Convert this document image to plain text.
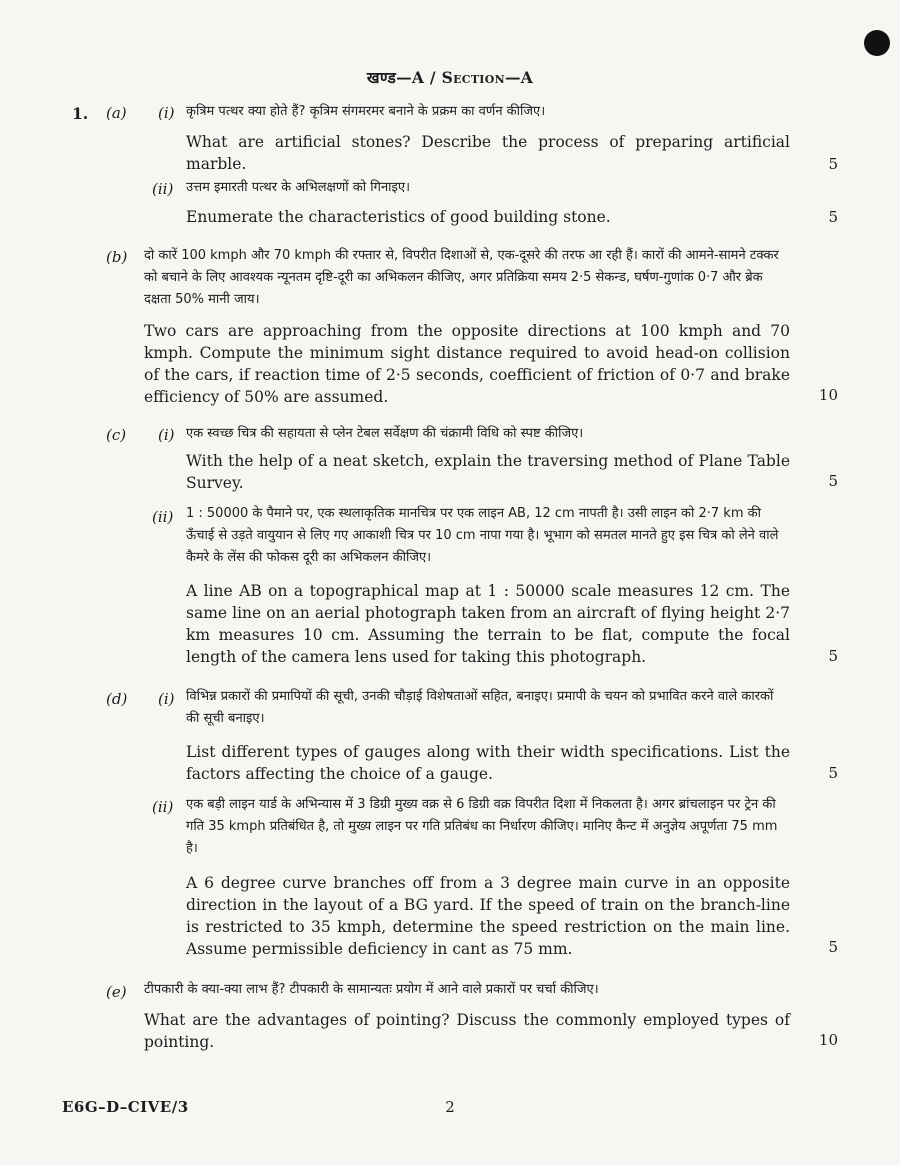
खण्ड—A / Section—A
1. (a) (i) कृत्रिम पत्थर क्या होते हैं? कृत्रिम संगमरमर बनाने के प्रक्रम का वर्णन कीजिए।
What are artificial stones? Describe the process of preparing artificial marble.	5
(ii) उत्तम इमारती पत्थर के अभिलक्षणों को गिनाइए।
Enumerate the characteristics of good building stone.	5
(b) दो कारें 100 kmph और 70 kmph की रफ्तार से, विपरीत दिशाओं से, एक-दूसरे की तरफ आ रही हैं। कारों की आमने-सामने टक्कर को बचाने के लिए आवश्यक न्यूनतम दृष्टि-दूरी का अभिकलन कीजिए, अगर प्रतिक्रिया समय 2·5 सेकन्ड, घर्षण-गुणांक 0·7 और ब्रेक दक्षता 50% मानी जाय।
Two cars are approaching from the opposite directions at 100 kmph and 70 kmph. Compute the minimum sight distance required to avoid head-on collision of the cars, if reaction time of 2·5 seconds, coefficient of friction of 0·7 and brake efficiency of 50% are assumed.	10
(c) (i) एक स्वच्छ चित्र की सहायता से प्लेन टेबल सर्वेक्षण की चंक्रामी विधि को स्पष्ट कीजिए।
With the help of a neat sketch, explain the traversing method of Plane Table Survey.	5
(ii) 1 : 50000 के पैमाने पर, एक स्थलाकृतिक मानचित्र पर एक लाइन AB, 12 cm नापती है। उसी लाइन को 2·7 km की ऊँचाई से उड़ते वायुयान से लिए गए आकाशी चित्र पर 10 cm नापा गया है। भूभाग को समतल मानते हुए इस चित्र को लेने वाले कैमरे के लेंस की फोकस दूरी का अभिकलन कीजिए।
A line AB on a topographical map at 1 : 50000 scale measures 12 cm. The same line on an aerial photograph taken from an aircraft of flying height 2·7 km measures 10 cm. Assuming the terrain to be flat, compute the focal length of the camera lens used for taking this photograph.	5
(d) (i) विभिन्न प्रकारों की प्रमापियों की सूची, उनकी चौड़ाई विशेषताओं सहित, बनाइए। प्रमापी के चयन को प्रभावित करने वाले कारकों की सूची बनाइए।
List different types of gauges along with their width specifications. List the factors affecting the choice of a gauge.	5
(ii) एक बड़ी लाइन यार्ड के अभिन्यास में 3 डिग्री मुख्य वक्र से 6 डिग्री वक्र विपरीत दिशा में निकलता है। अगर ब्रांचलाइन पर ट्रेन की गति 35 kmph प्रतिबंधित है, तो मुख्य लाइन पर गति प्रतिबंध का निर्धारण कीजिए। मानिए कैन्ट में अनुज्ञेय अपूर्णता 75 mm है।
A 6 degree curve branches off from a 3 degree main curve in an opposite direction in the layout of a BG yard. If the speed of train on the branch-line is restricted to 35 kmph, determine the speed restriction on the main line. Assume permissible deficiency in cant as 75 mm.	5
(e) टीपकारी के क्या-क्या लाभ हैं? टीपकारी के सामान्यतः प्रयोग में आने वाले प्रकारों पर चर्चा कीजिए।
What are the advantages of pointing? Discuss the commonly employed types of pointing.	10
E6G–D–CIVE/3	2
